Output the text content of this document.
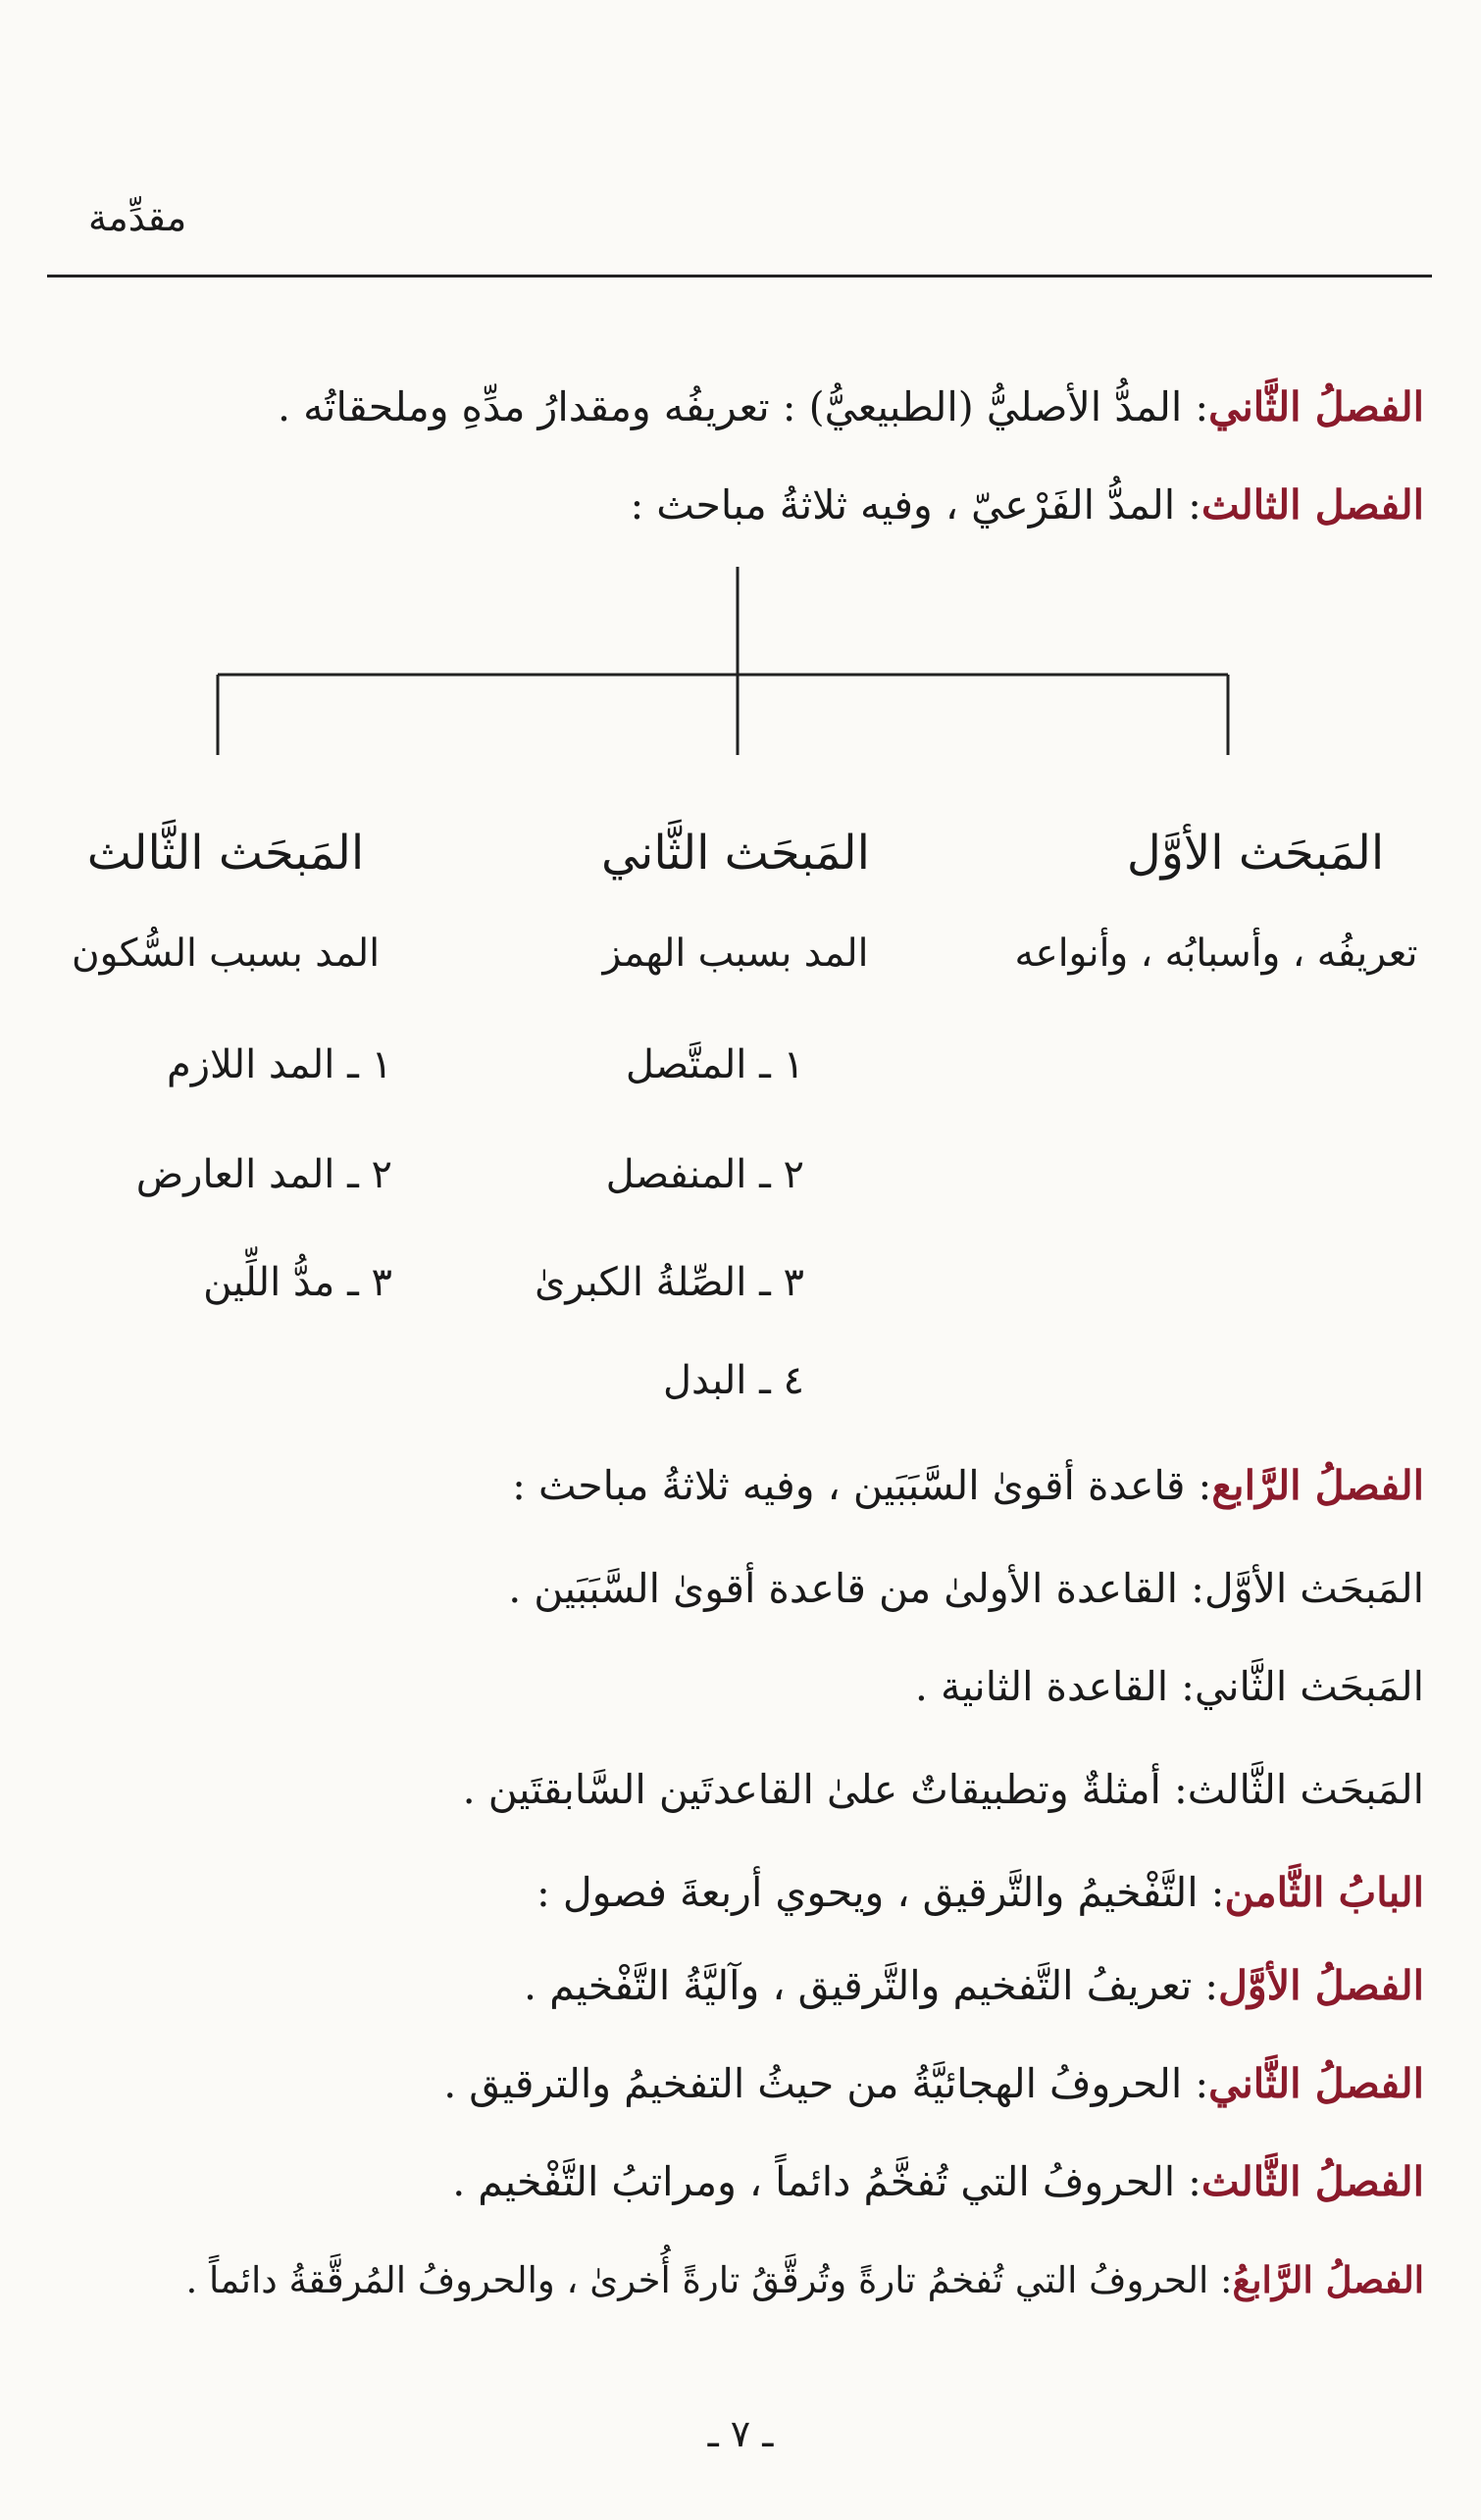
مقدِّمة
الفصلُ الثَّاني: المدُّ الأصليُّ (الطبيعيُّ) : تعريفُه ومقدارُ مدِّهِ وملحقاتُه .
الفصل الثالث: المدُّ الفَرْعيّ ، وفيه ثلاثةُ مباحث :
المَبحَث الأوَّل
تعريفُه ، وأسبابُه ، وأنواعه
المَبحَث الثَّاني
المد بسبب الهمز
١ ـ المتَّصل
٢ ـ المنفصل
٣ ـ الصِّلةُ الكبرىٰ
٤ ـ البدل
المَبحَث الثَّالث
المد بسبب السُّكون
١ ـ المد اللازم
٢ ـ المد العارض
٣ ـ مدُّ اللِّين
الفصلُ الرَّابع: قاعدة أقوىٰ السَّبَبَين ، وفيه ثلاثةُ مباحث :
المَبحَث الأوَّل: القاعدة الأولىٰ من قاعدة أقوىٰ السَّبَبَين .
المَبحَث الثَّاني: القاعدة الثانية .
المَبحَث الثَّالث: أمثلةٌ وتطبيقاتٌ علىٰ القاعدتَين السَّابقتَين .
البابُ الثَّامن: التَّفْخيمُ والتَّرقيق ، ويحوي أربعةَ فصول :
الفصلُ الأوَّل: تعريفُ التَّفخيم والتَّرقيق ، وآليَّةُ التَّفْخيم .
الفصلُ الثَّاني: الحروفُ الهجائيَّةُ من حيثُ التفخيمُ والترقيق .
الفصلُ الثَّالث: الحروفُ التي تُفخَّمُ دائماً ، ومراتبُ التَّفْخيم .
الفصلُ الرَّابعُ: الحروفُ التي تُفخمُ تارةً وتُرقَّقُ تارةً أُخرىٰ ، والحروفُ المُرقَّقةُ دائماً .
ـ ٧ ـ
